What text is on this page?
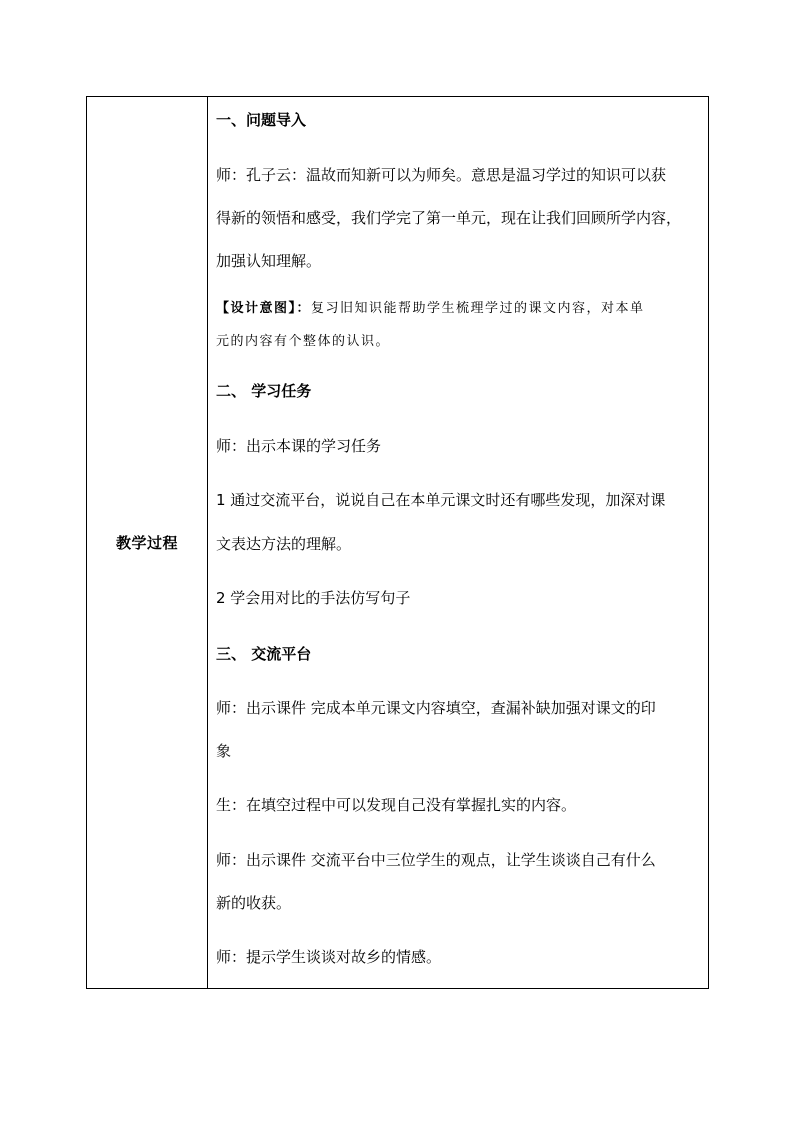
教学过程
一、问题导入
师：孔子云：温故而知新可以为师矣。意思是温习学过的知识可以获
得新的领悟和感受，我们学完了第一单元，现在让我们回顾所学内容，
加强认知理解。
【设计意图】：复习旧知识能帮助学生梳理学过的课文内容，对本单
元的内容有个整体的认识。
二、 学习任务
师：出示本课的学习任务
1 通过交流平台，说说自己在本单元课文时还有哪些发现，加深对课
文表达方法的理解。
2 学会用对比的手法仿写句子
三、 交流平台
师：出示课件 完成本单元课文内容填空，查漏补缺加强对课文的印
象
生：在填空过程中可以发现自己没有掌握扎实的内容。
师：出示课件 交流平台中三位学生的观点，让学生谈谈自己有什么
新的收获。
师：提示学生谈谈对故乡的情感。
